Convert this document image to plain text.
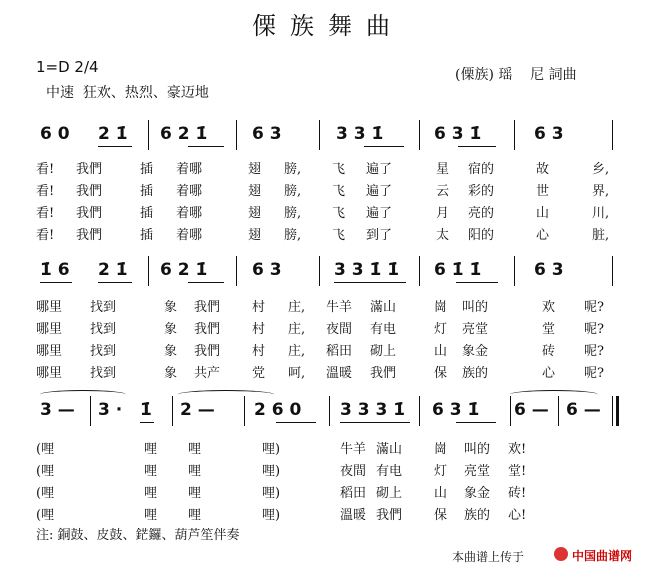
傈族舞曲
1=D 2/4
中速  狂欢、热烈、豪迈地
(傈族) 瑶    尼 詞曲
6 0 2 1̇ 6 2 1̇	6 3	3 3 1̇	6 3 1̇	6 3
看! 我們	插 着哪	翅 膀, 飞 遍了	星 宿的	故	乡,
看! 我們	插 着哪	翅 膀, 飞 遍了	云 彩的	世	界,
看! 我們	插 着哪	翅 膀, 飞 遍了	月 亮的	山	川,
看! 我們	插 着哪	翅 膀, 飞 到了	太 阳的	心	脏,
1̇ 6 2 1̇ 6 2 1̇	6 3	3 3 1̇ 1̇ 6 1̇ 1̇	6 3
哪里 找到	象 我們 村 庄, 牛羊 滿山	崗 叫的	欢 呢?
哪里 找到	象 我們 村 庄, 夜間 有电	灯 亮堂	堂 呢?
哪里 找到	象 我們 村 庄, 稻田 砌上	山 象金	砖 呢?
哪里 找到	象 共产 党 呵, 溫暖 我們	保 族的	心 呢?
3 — 3 · 1̇ 2 — 2 6 0 3 3 3 1̇ 6 3 1̇ 6 — 6 —
(哩	哩 哩	哩)	牛羊 滿山 崗 叫的 欢!
(哩	哩 哩	哩)	夜間 有电 灯 亮堂 堂!
(哩	哩 哩	哩)	稻田 砌上 山 象金 砖!
(哩	哩 哩	哩)	溫暖 我們 保 族的 心!
注: 銅鼓、皮鼓、鋩鑼、葫芦笙伴奏
本曲谱上传于	中国曲谱网
